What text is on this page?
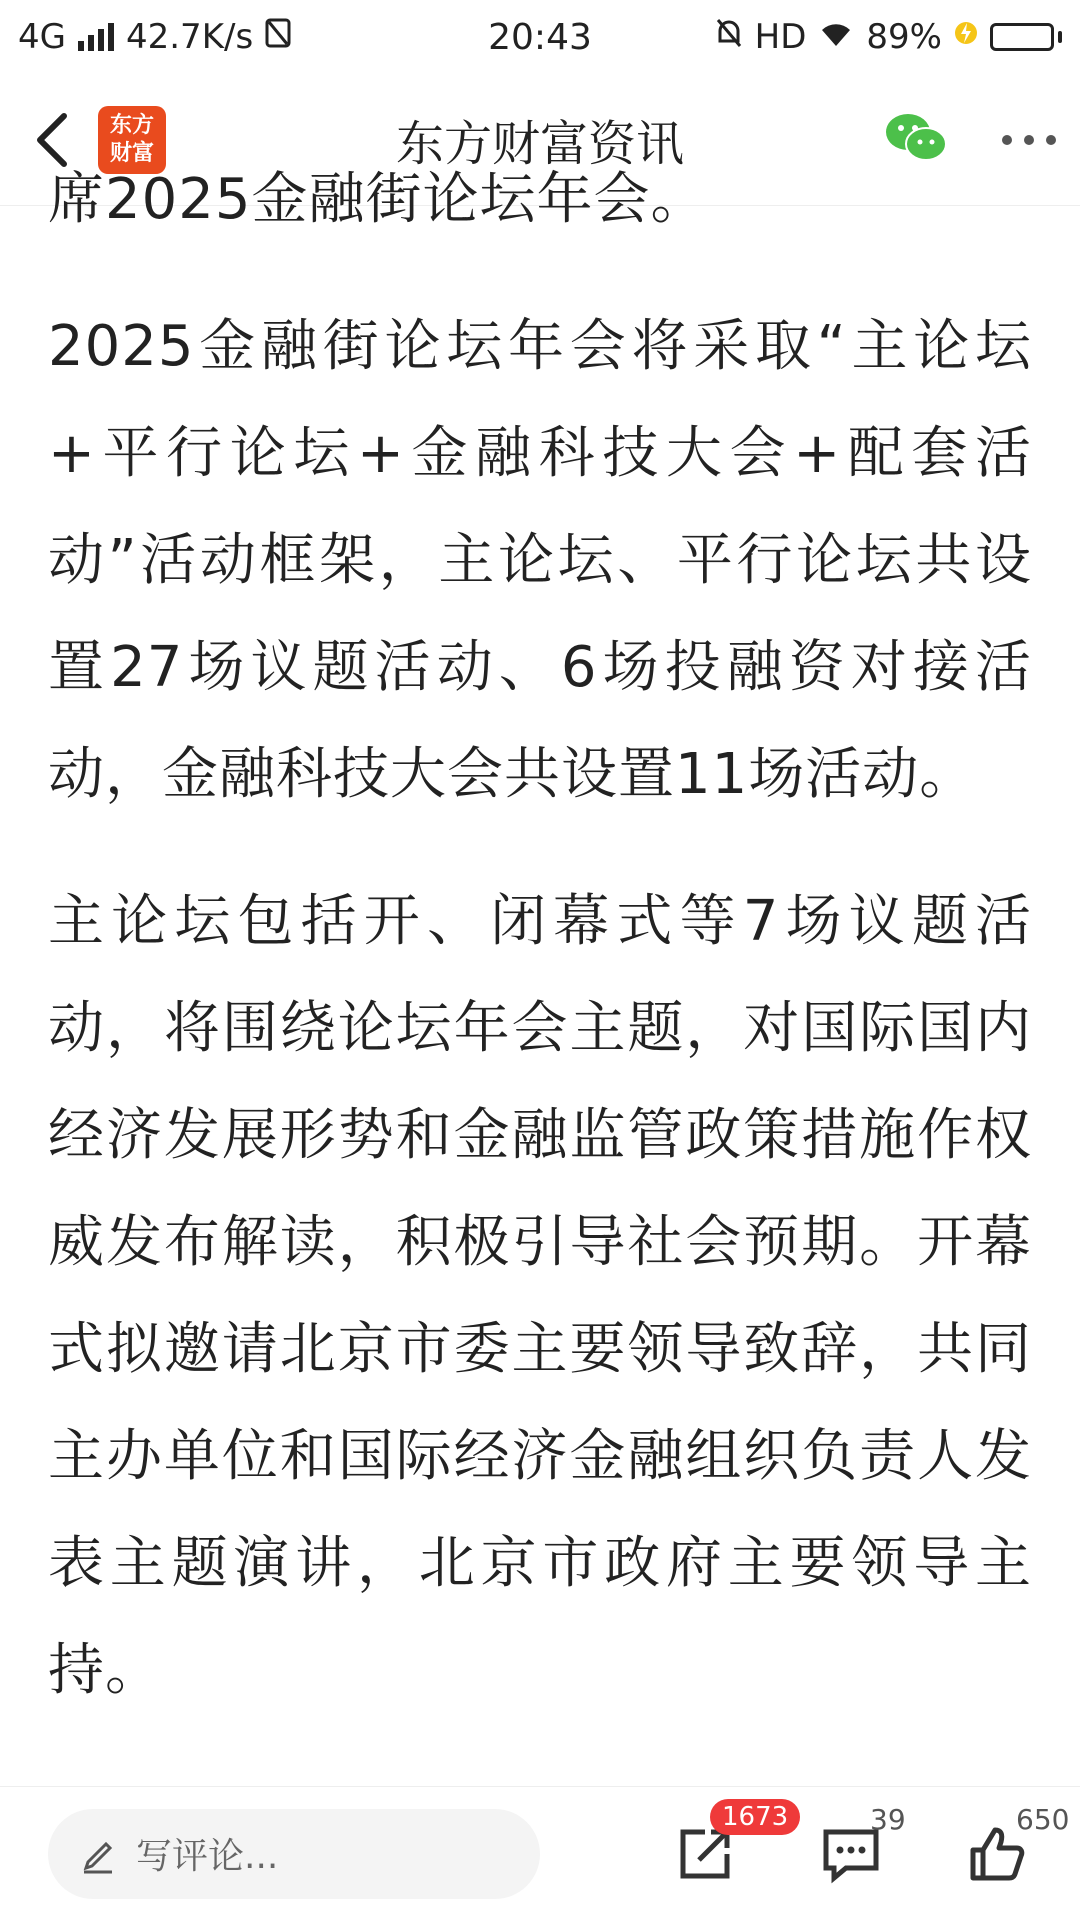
4G 42.7K/s	20:43	HD 89%
东方
财富	东方财富资讯

席2025金融街论坛年会。

2025金融街论坛年会将采取“主论坛+平行论坛+金融科技大会+配套活动”活动框架，主论坛、平行论坛共设置27场议题活动、6场投融资对接活动，金融科技大会共设置11场活动。

主论坛包括开、闭幕式等7场议题活动，将围绕论坛年会主题，对国际国内经济发展形势和金融监管政策措施作权威发布解读，积极引导社会预期。开幕式拟邀请北京市委主要领导致辞，共同主办单位和国际经济金融组织负责人发表主题演讲，北京市政府主要领导主持。

写评论...
1673	39	650
